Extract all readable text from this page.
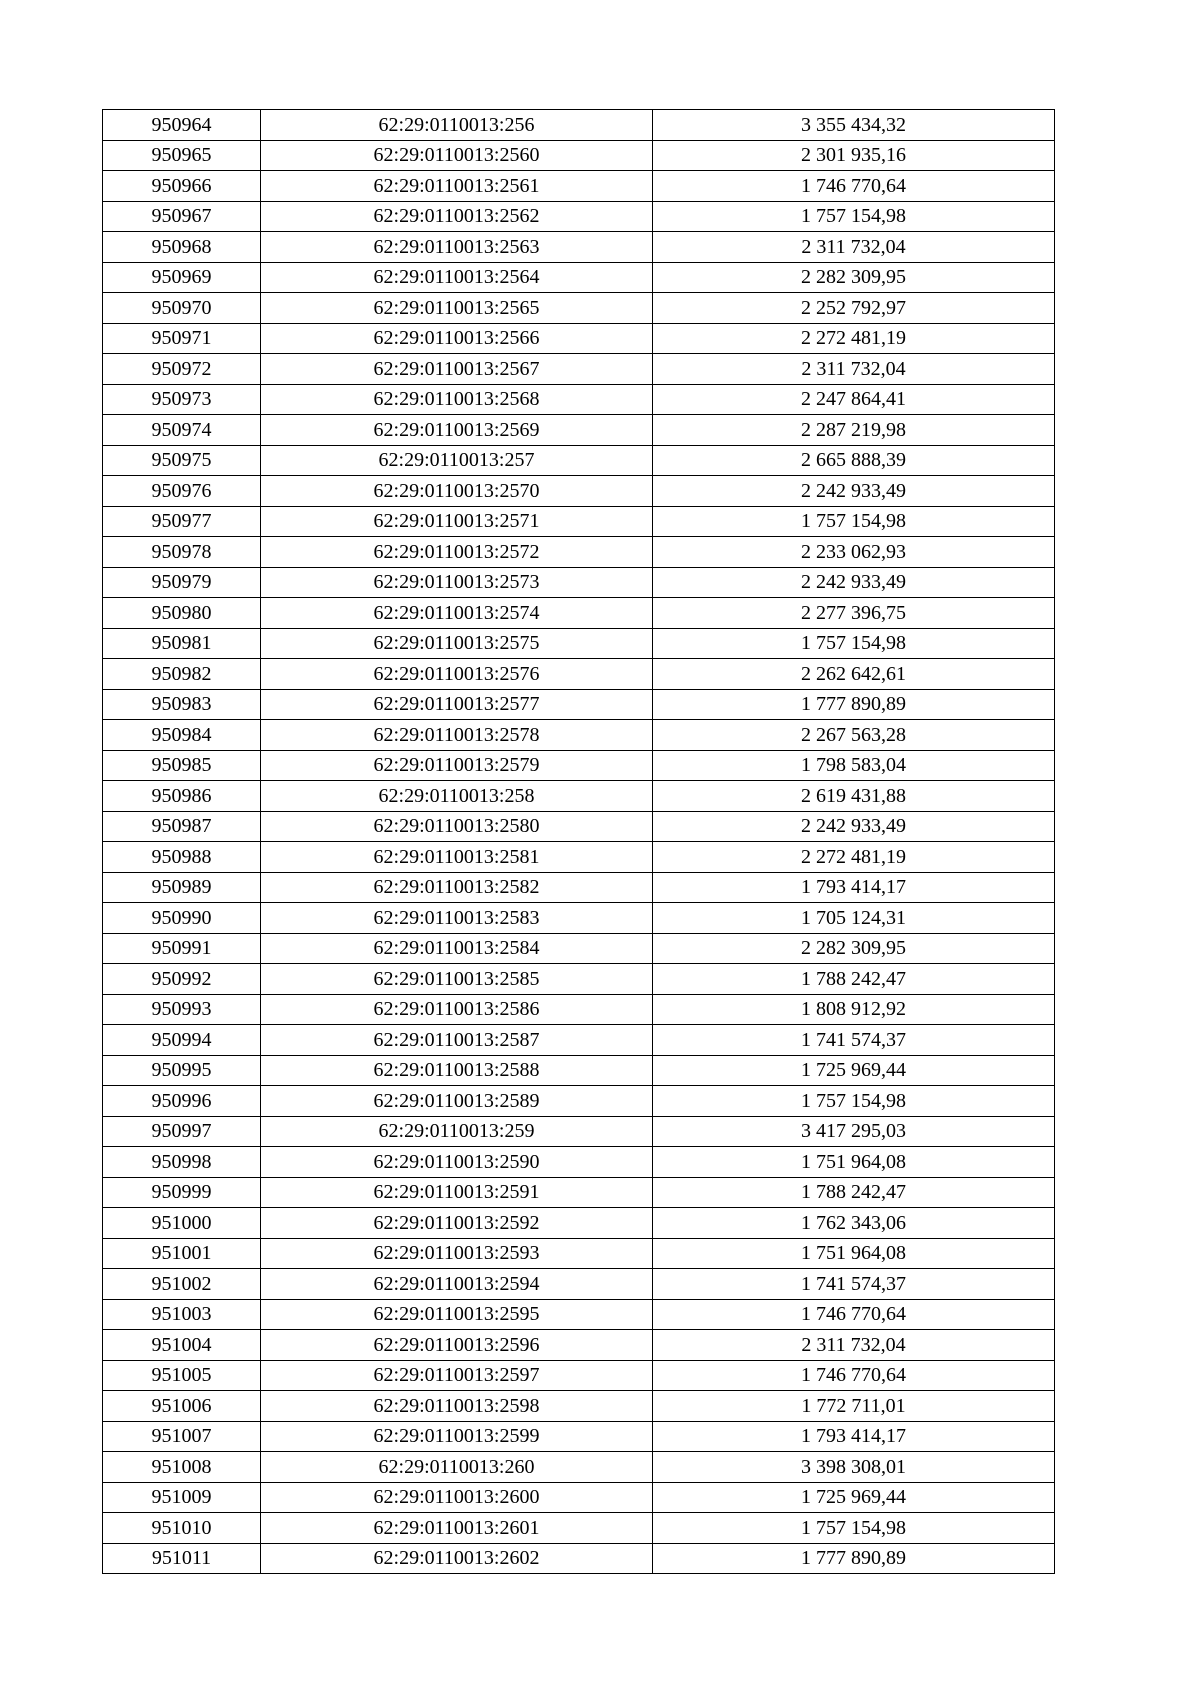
950964	62:29:0110013:256	3 355 434,32
950965	62:29:0110013:2560	2 301 935,16
950966	62:29:0110013:2561	1 746 770,64
950967	62:29:0110013:2562	1 757 154,98
950968	62:29:0110013:2563	2 311 732,04
950969	62:29:0110013:2564	2 282 309,95
950970	62:29:0110013:2565	2 252 792,97
950971	62:29:0110013:2566	2 272 481,19
950972	62:29:0110013:2567	2 311 732,04
950973	62:29:0110013:2568	2 247 864,41
950974	62:29:0110013:2569	2 287 219,98
950975	62:29:0110013:257	2 665 888,39
950976	62:29:0110013:2570	2 242 933,49
950977	62:29:0110013:2571	1 757 154,98
950978	62:29:0110013:2572	2 233 062,93
950979	62:29:0110013:2573	2 242 933,49
950980	62:29:0110013:2574	2 277 396,75
950981	62:29:0110013:2575	1 757 154,98
950982	62:29:0110013:2576	2 262 642,61
950983	62:29:0110013:2577	1 777 890,89
950984	62:29:0110013:2578	2 267 563,28
950985	62:29:0110013:2579	1 798 583,04
950986	62:29:0110013:258	2 619 431,88
950987	62:29:0110013:2580	2 242 933,49
950988	62:29:0110013:2581	2 272 481,19
950989	62:29:0110013:2582	1 793 414,17
950990	62:29:0110013:2583	1 705 124,31
950991	62:29:0110013:2584	2 282 309,95
950992	62:29:0110013:2585	1 788 242,47
950993	62:29:0110013:2586	1 808 912,92
950994	62:29:0110013:2587	1 741 574,37
950995	62:29:0110013:2588	1 725 969,44
950996	62:29:0110013:2589	1 757 154,98
950997	62:29:0110013:259	3 417 295,03
950998	62:29:0110013:2590	1 751 964,08
950999	62:29:0110013:2591	1 788 242,47
951000	62:29:0110013:2592	1 762 343,06
951001	62:29:0110013:2593	1 751 964,08
951002	62:29:0110013:2594	1 741 574,37
951003	62:29:0110013:2595	1 746 770,64
951004	62:29:0110013:2596	2 311 732,04
951005	62:29:0110013:2597	1 746 770,64
951006	62:29:0110013:2598	1 772 711,01
951007	62:29:0110013:2599	1 793 414,17
951008	62:29:0110013:260	3 398 308,01
951009	62:29:0110013:2600	1 725 969,44
951010	62:29:0110013:2601	1 757 154,98
951011	62:29:0110013:2602	1 777 890,89
